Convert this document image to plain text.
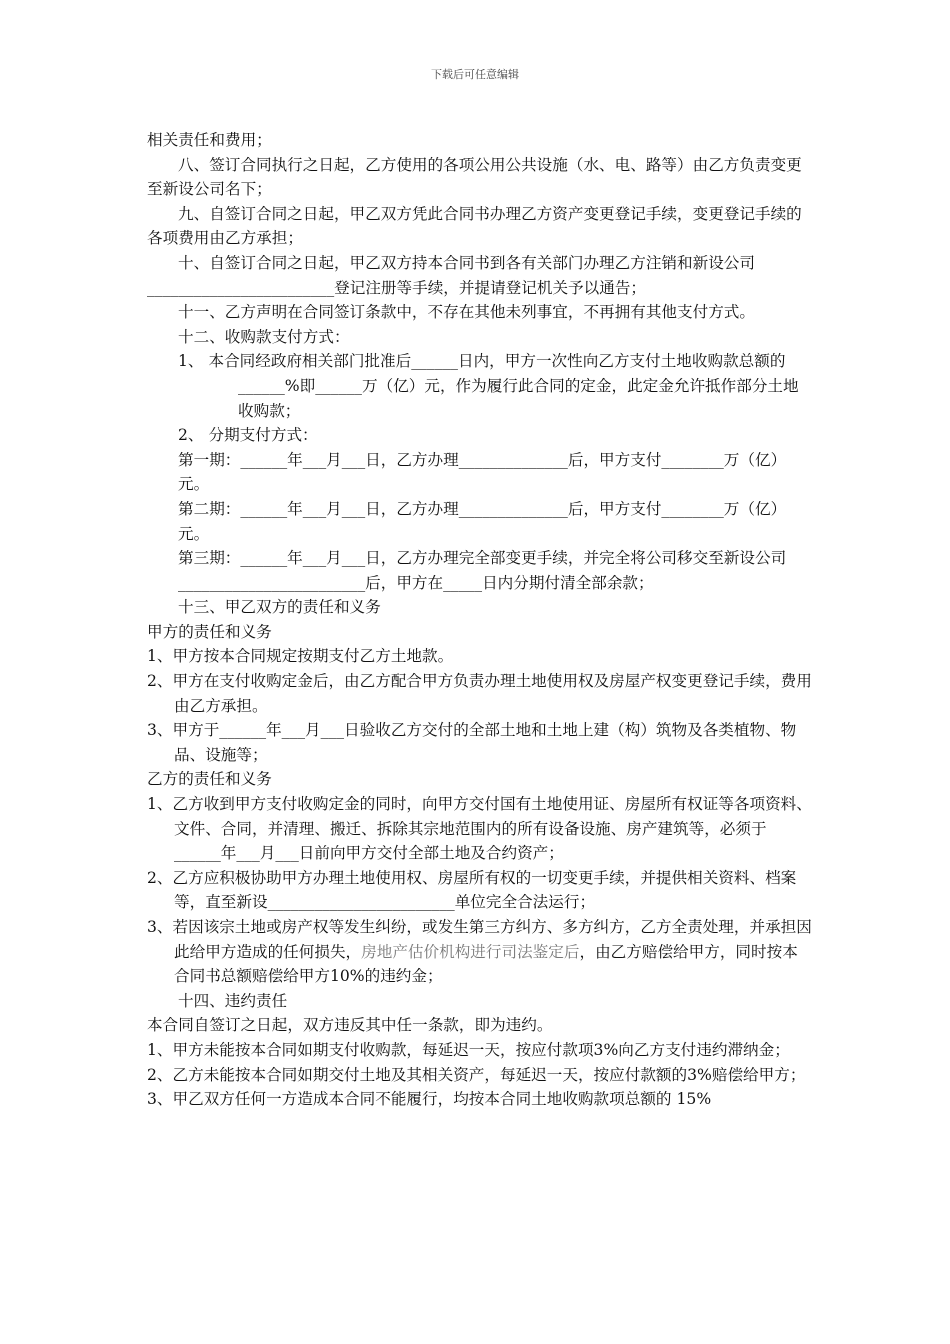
下载后可任意编辑

相关责任和费用；

八、签订合同执行之日起，乙方使用的各项公用公共设施（水、电、路等）由乙方负责变更至新设公司名下；

九、自签订合同之日起，甲乙双方凭此合同书办理乙方资产变更登记手续，变更登记手续的各项费用由乙方承担；

十、自签订合同之日起，甲乙双方持本合同书到各有关部门办理乙方注销和新设公司________________________登记注册等手续，并提请登记机关予以通告；

十一、乙方声明在合同签订条款中，不存在其他未列事宜，不再拥有其他支付方式。

十二、收购款支付方式：

1、 本合同经政府相关部门批准后______日内，甲方一次性向乙方支付土地收购款总额的______%即______万（亿）元，作为履行此合同的定金，此定金允许抵作部分土地收购款；

2、 分期支付方式：

第一期：______年___月___日，乙方办理______________后，甲方支付________万（亿）元。

第二期：______年___月___日，乙方办理______________后，甲方支付________万（亿）元。

第三期：______年___月___日，乙方办理完全部变更手续，并完全将公司移交至新设公司________________________后，甲方在_____日内分期付清全部余款；

十三、甲乙双方的责任和义务

甲方的责任和义务

1、甲方按本合同规定按期支付乙方土地款。

2、甲方在支付收购定金后，由乙方配合甲方负责办理土地使用权及房屋产权变更登记手续，费用由乙方承担。

3、甲方于______年___月___日验收乙方交付的全部土地和土地上建（构）筑物及各类植物、物品、设施等；

乙方的责任和义务

1、乙方收到甲方支付收购定金的同时，向甲方交付国有土地使用证、房屋所有权证等各项资料、文件、合同，并清理、搬迁、拆除其宗地范围内的所有设备设施、房产建筑等，必须于______年___月___日前向甲方交付全部土地及合约资产；

2、乙方应积极协助甲方办理土地使用权、房屋所有权的一切变更手续，并提供相关资料、档案等，直至新设________________________单位完全合法运行；

3、若因该宗土地或房产权等发生纠纷，或发生第三方纠方、多方纠方，乙方全责处理，并承担因此给甲方造成的任何损失，房地产估价机构进行司法鉴定后，由乙方赔偿给甲方，同时按本合同书总额赔偿给甲方10%的违约金；

十四、违约责任

本合同自签订之日起，双方违反其中任一条款，即为违约。

1、甲方未能按本合同如期支付收购款，每延迟一天，按应付款项3%向乙方支付违约滞纳金；

2、乙方未能按本合同如期交付土地及其相关资产，每延迟一天，按应付款额的3%赔偿给甲方；

3、甲乙双方任何一方造成本合同不能履行，均按本合同土地收购款项总额的 15%
